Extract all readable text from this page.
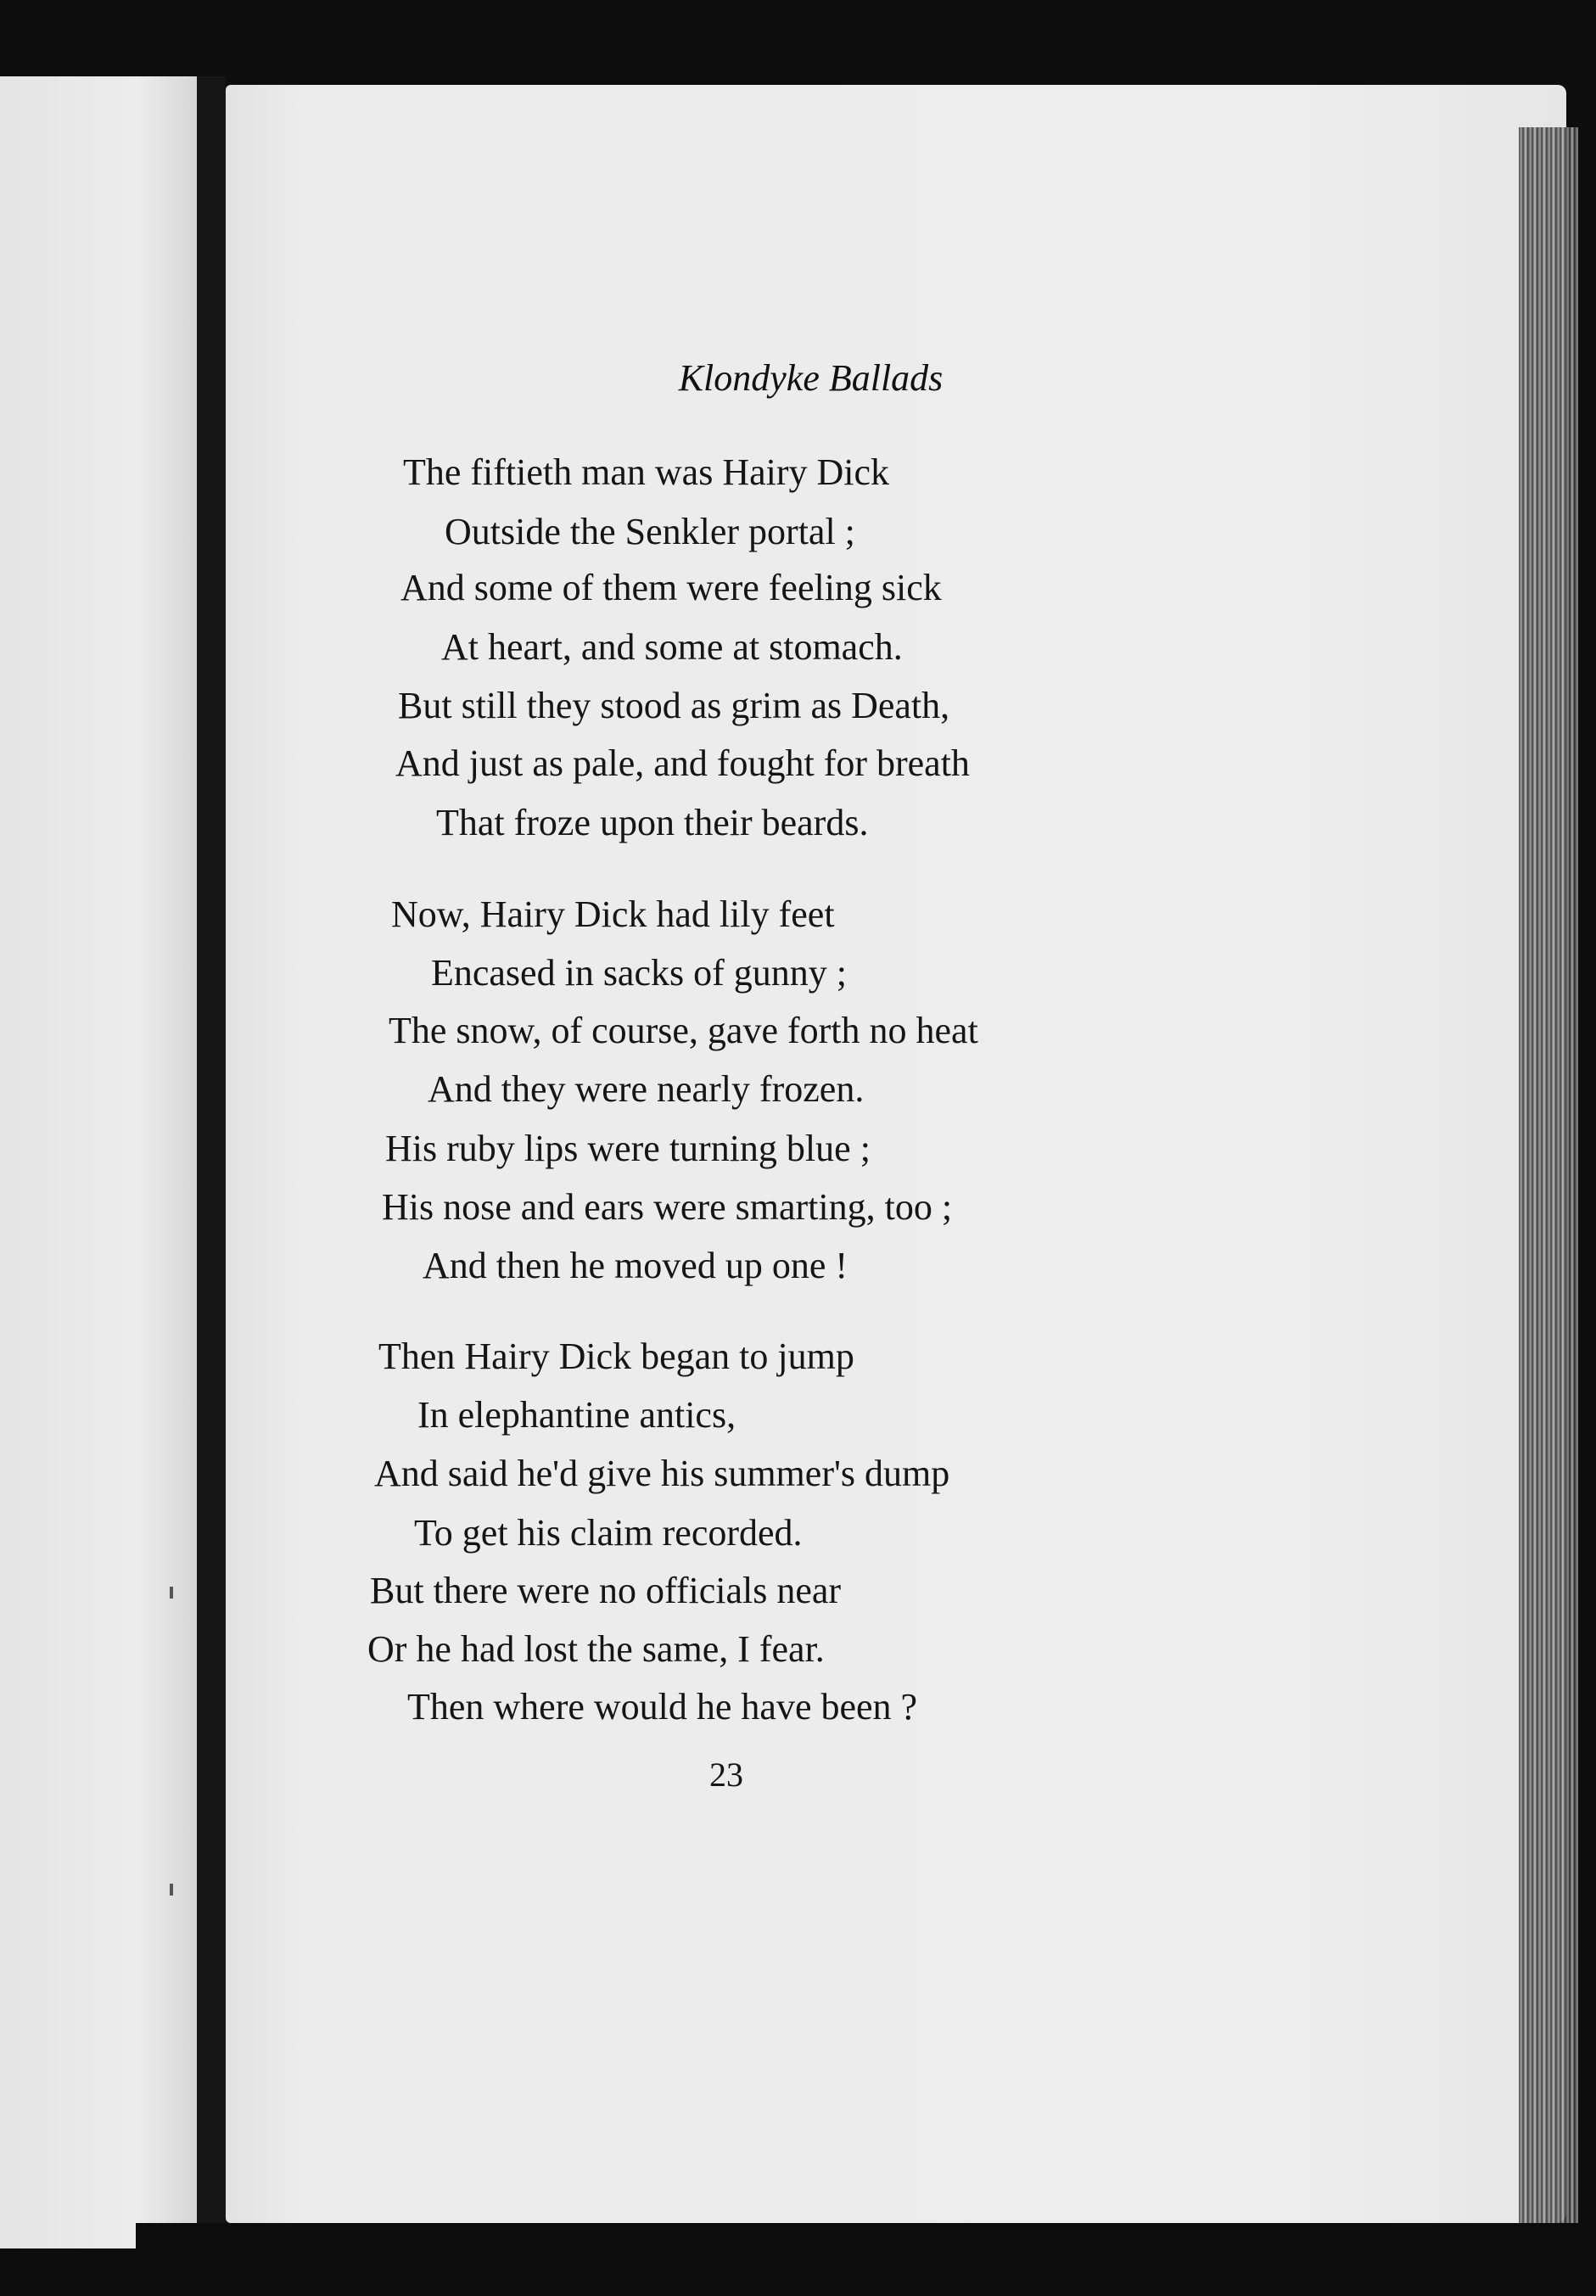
Klondyke Ballads
The fiftieth man was Hairy Dick
Outside the Senkler portal ;
And some of them were feeling sick
At heart, and some at stomach.
But still they stood as grim as Death,
And just as pale, and fought for breath
That froze upon their beards.
Now, Hairy Dick had lily feet
Encased in sacks of gunny ;
The snow, of course, gave forth no heat
And they were nearly frozen.
His ruby lips were turning blue ;
His nose and ears were smarting, too ;
And then he moved up one !
Then Hairy Dick began to jump
In elephantine antics,
And said he'd give his summer's dump
To get his claim recorded.
But there were no officials near
Or he had lost the same, I fear.
Then where would he have been ?
23
